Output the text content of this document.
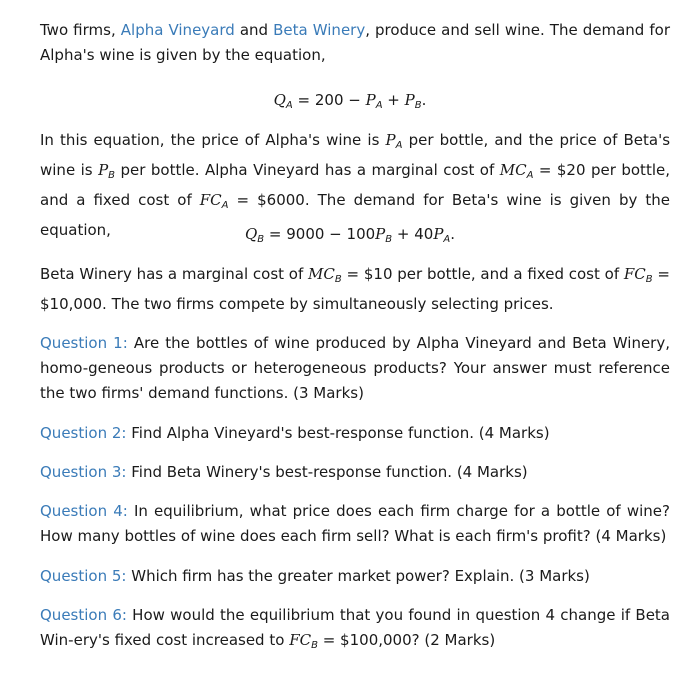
Two firms, Alpha Vineyard and Beta Winery, produce and sell wine. The demand for Alpha's wine is given by the equation,

$Q_A = 200 - P_A + P_B$.

In this equation, the price of Alpha's wine is $P_A$ per bottle, and the price of Beta's wine is $P_B$ per bottle. Alpha Vineyard has a marginal cost of $MC_A$ = $20 per bottle, and a fixed cost of $FC_A$ = $6000. The demand for Beta's wine is given by the equation,	$Q_B = 9000 - 100P_B + 40P_A$.

Beta Winery has a marginal cost of $MC_B$ = $10 per bottle, and a fixed cost of $FC_B$ = $10,000. The two firms compete by simultaneously selecting prices.

Question 1: Are the bottles of wine produced by Alpha Vineyard and Beta Winery, homo-geneous products or heterogeneous products? Your answer must reference the two firms' demand functions. (3 Marks)

Question 2: Find Alpha Vineyard's best-response function. (4 Marks)

Question 3: Find Beta Winery's best-response function. (4 Marks)

Question 4: In equilibrium, what price does each firm charge for a bottle of wine? How many bottles of wine does each firm sell? What is each firm's profit? (4 Marks)

Question 5: Which firm has the greater market power? Explain. (3 Marks)

Question 6: How would the equilibrium that you found in question 4 change if Beta Win-ery's fixed cost increased to $FC_B$ = $100,000? (2 Marks)
